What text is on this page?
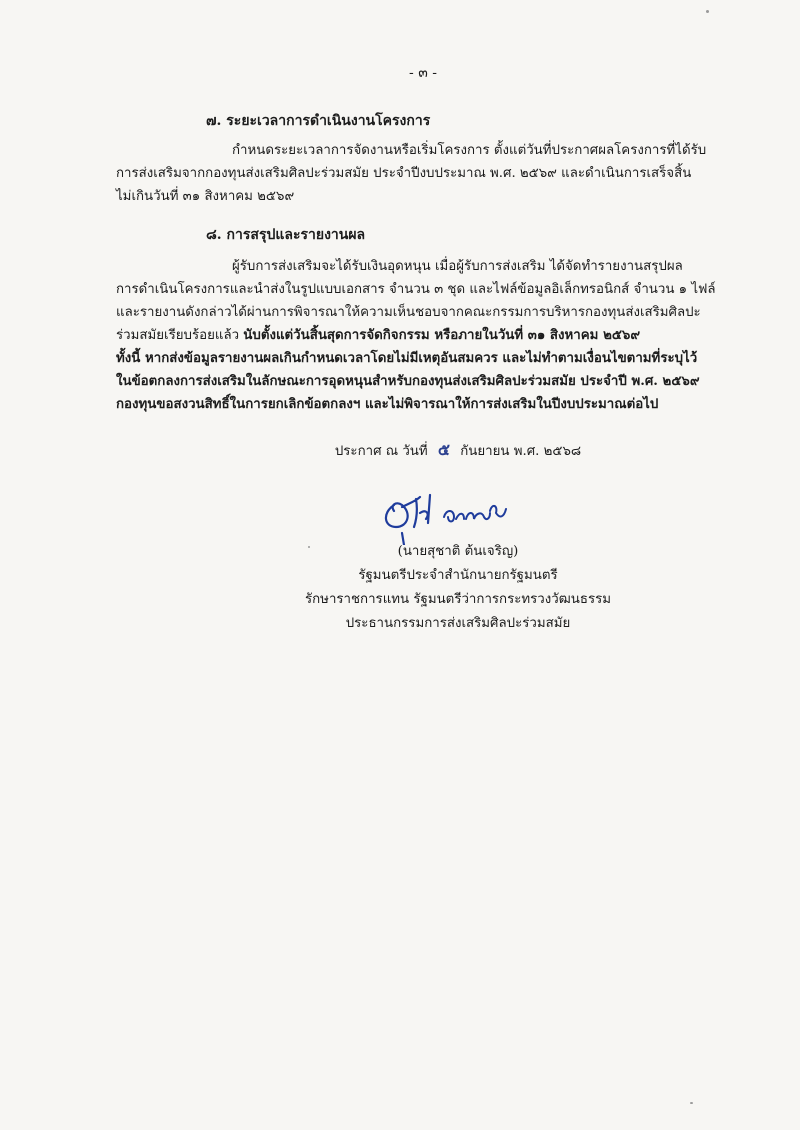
- ๓ -
๗. ระยะเวลาการดำเนินงานโครงการ
กำหนดระยะเวลาการจัดงานหรือเริ่มโครงการ ตั้งแต่วันที่ประกาศผลโครงการที่ได้รับ
การส่งเสริมจากกองทุนส่งเสริมศิลปะร่วมสมัย ประจำปีงบประมาณ พ.ศ. ๒๕๖๙ และดำเนินการเสร็จสิ้น
ไม่เกินวันที่ ๓๑ สิงหาคม ๒๕๖๙
๘. การสรุปและรายงานผล
ผู้รับการส่งเสริมจะได้รับเงินอุดหนุน เมื่อผู้รับการส่งเสริม ได้จัดทำรายงานสรุปผล
การดำเนินโครงการและนำส่งในรูปแบบเอกสาร จำนวน ๓ ชุด และไฟล์ข้อมูลอิเล็กทรอนิกส์ จำนวน ๑ ไฟล์
และรายงานดังกล่าวได้ผ่านการพิจารณาให้ความเห็นชอบจากคณะกรรมการบริหารกองทุนส่งเสริมศิลปะ
ร่วมสมัยเรียบร้อยแล้ว นับตั้งแต่วันสิ้นสุดการจัดกิจกรรม หรือภายในวันที่ ๓๑ สิงหาคม ๒๕๖๙
ทั้งนี้ หากส่งข้อมูลรายงานผลเกินกำหนดเวลาโดยไม่มีเหตุอันสมควร และไม่ทำตามเงื่อนไขตามที่ระบุไว้
ในข้อตกลงการส่งเสริมในลักษณะการอุดหนุนสำหรับกองทุนส่งเสริมศิลปะร่วมสมัย ประจำปี พ.ศ. ๒๕๖๙
กองทุนขอสงวนสิทธิ์ในการยกเลิกข้อตกลงฯ และไม่พิจารณาให้การส่งเสริมในปีงบประมาณต่อไป
ประกาศ ณ วันที่ ๕ กันยายน พ.ศ. ๒๕๖๘
(นายสุชาติ ต้นเจริญ)
รัฐมนตรีประจำสำนักนายกรัฐมนตรี
รักษาราชการแทน รัฐมนตรีว่าการกระทรวงวัฒนธรรม
ประธานกรรมการส่งเสริมศิลปะร่วมสมัย
